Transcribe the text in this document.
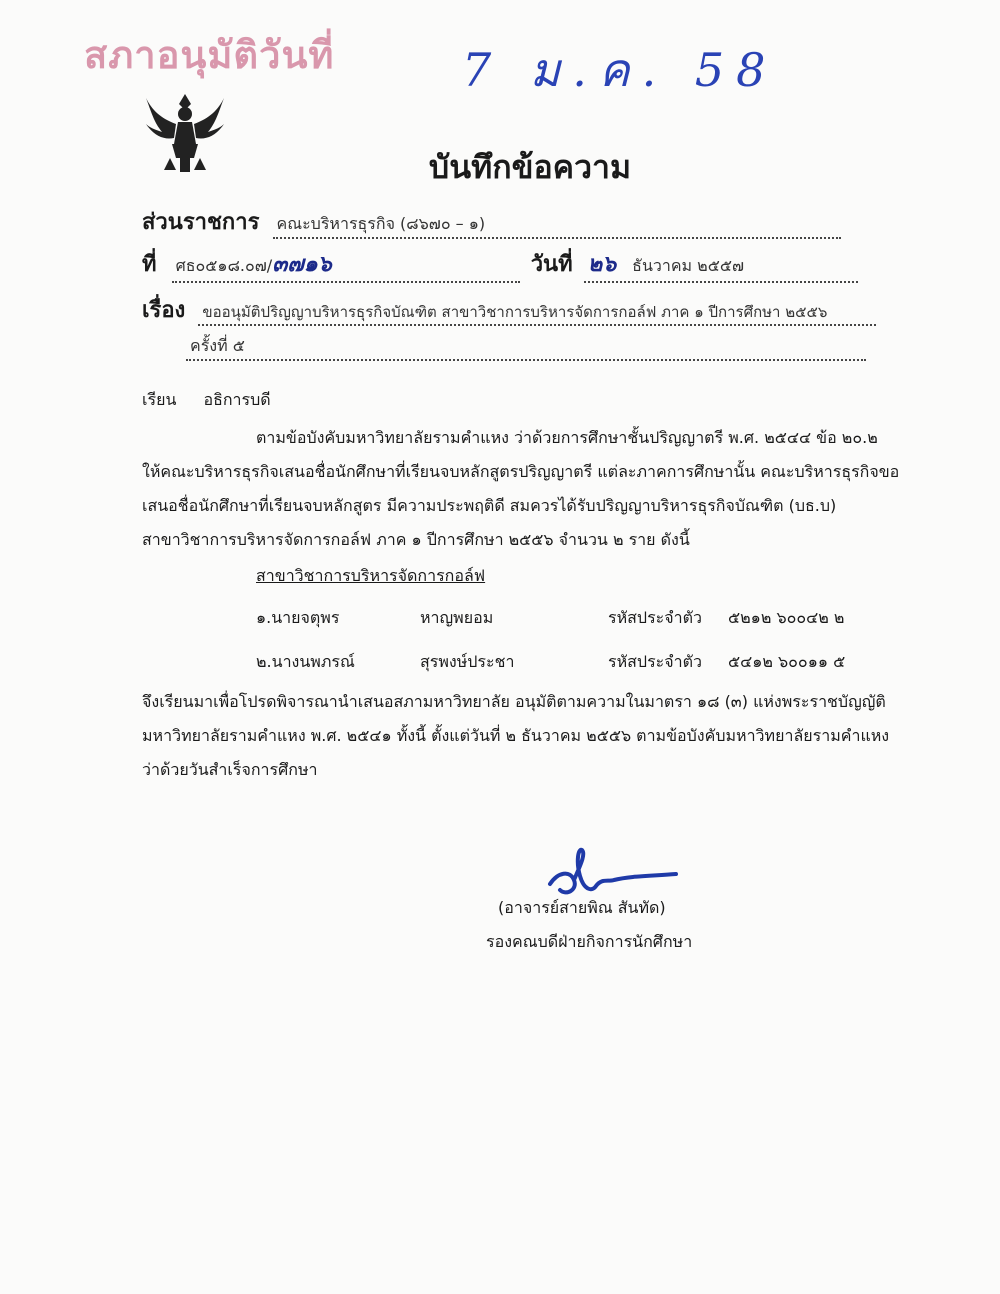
สภาอนุมัติวันที่	7 ม.ค. 58
บันทึกข้อความ
ส่วนราชการ คณะบริหารธุรกิจ (๘๖๗๐ – ๑)
ที่ ศธ๐๕๑๘.๐๗/๓๗๑๖	วันที่ ๒๖ ธันวาคม ๒๕๕๗
เรื่อง ขออนุมัติปริญญาบริหารธุรกิจบัณฑิต สาขาวิชาการบริหารจัดการกอล์ฟ ภาค ๑ ปีการศึกษา ๒๕๕๖
ครั้งที่ ๕
เรียน อธิการบดี
ตามข้อบังคับมหาวิทยาลัยรามคำแหง ว่าด้วยการศึกษาชั้นปริญญาตรี พ.ศ. ๒๕๔๔ ข้อ ๒๐.๒
ให้คณะบริหารธุรกิจเสนอชื่อนักศึกษาที่เรียนจบหลักสูตรปริญญาตรี แต่ละภาคการศึกษานั้น คณะบริหารธุรกิจขอ
เสนอชื่อนักศึกษาที่เรียนจบหลักสูตร มีความประพฤติดี สมควรได้รับปริญญาบริหารธุรกิจบัณฑิต (บธ.บ)
สาขาวิชาการบริหารจัดการกอล์ฟ ภาค ๑ ปีการศึกษา ๒๕๕๖ จำนวน ๒ ราย ดังนี้
สาขาวิชาการบริหารจัดการกอล์ฟ
๑.นายจตุพร	หาญพยอม	รหัสประจำตัว ๕๒๑๒ ๖๐๐๔๒ ๒
๒.นางนพภรณ์	สุรพงษ์ประชา	รหัสประจำตัว ๕๔๑๒ ๖๐๐๑๑ ๕
จึงเรียนมาเพื่อโปรดพิจารณานำเสนอสภามหาวิทยาลัย อนุมัติตามความในมาตรา ๑๘ (๓) แห่งพระราชบัญญัติ
มหาวิทยาลัยรามคำแหง พ.ศ. ๒๕๔๑ ทั้งนี้ ตั้งแต่วันที่ ๒ ธันวาคม ๒๕๕๖ ตามข้อบังคับมหาวิทยาลัยรามคำแหง
ว่าด้วยวันสำเร็จการศึกษา
(อาจารย์สายพิณ สันทัด)
รองคณบดีฝ่ายกิจการนักศึกษา
